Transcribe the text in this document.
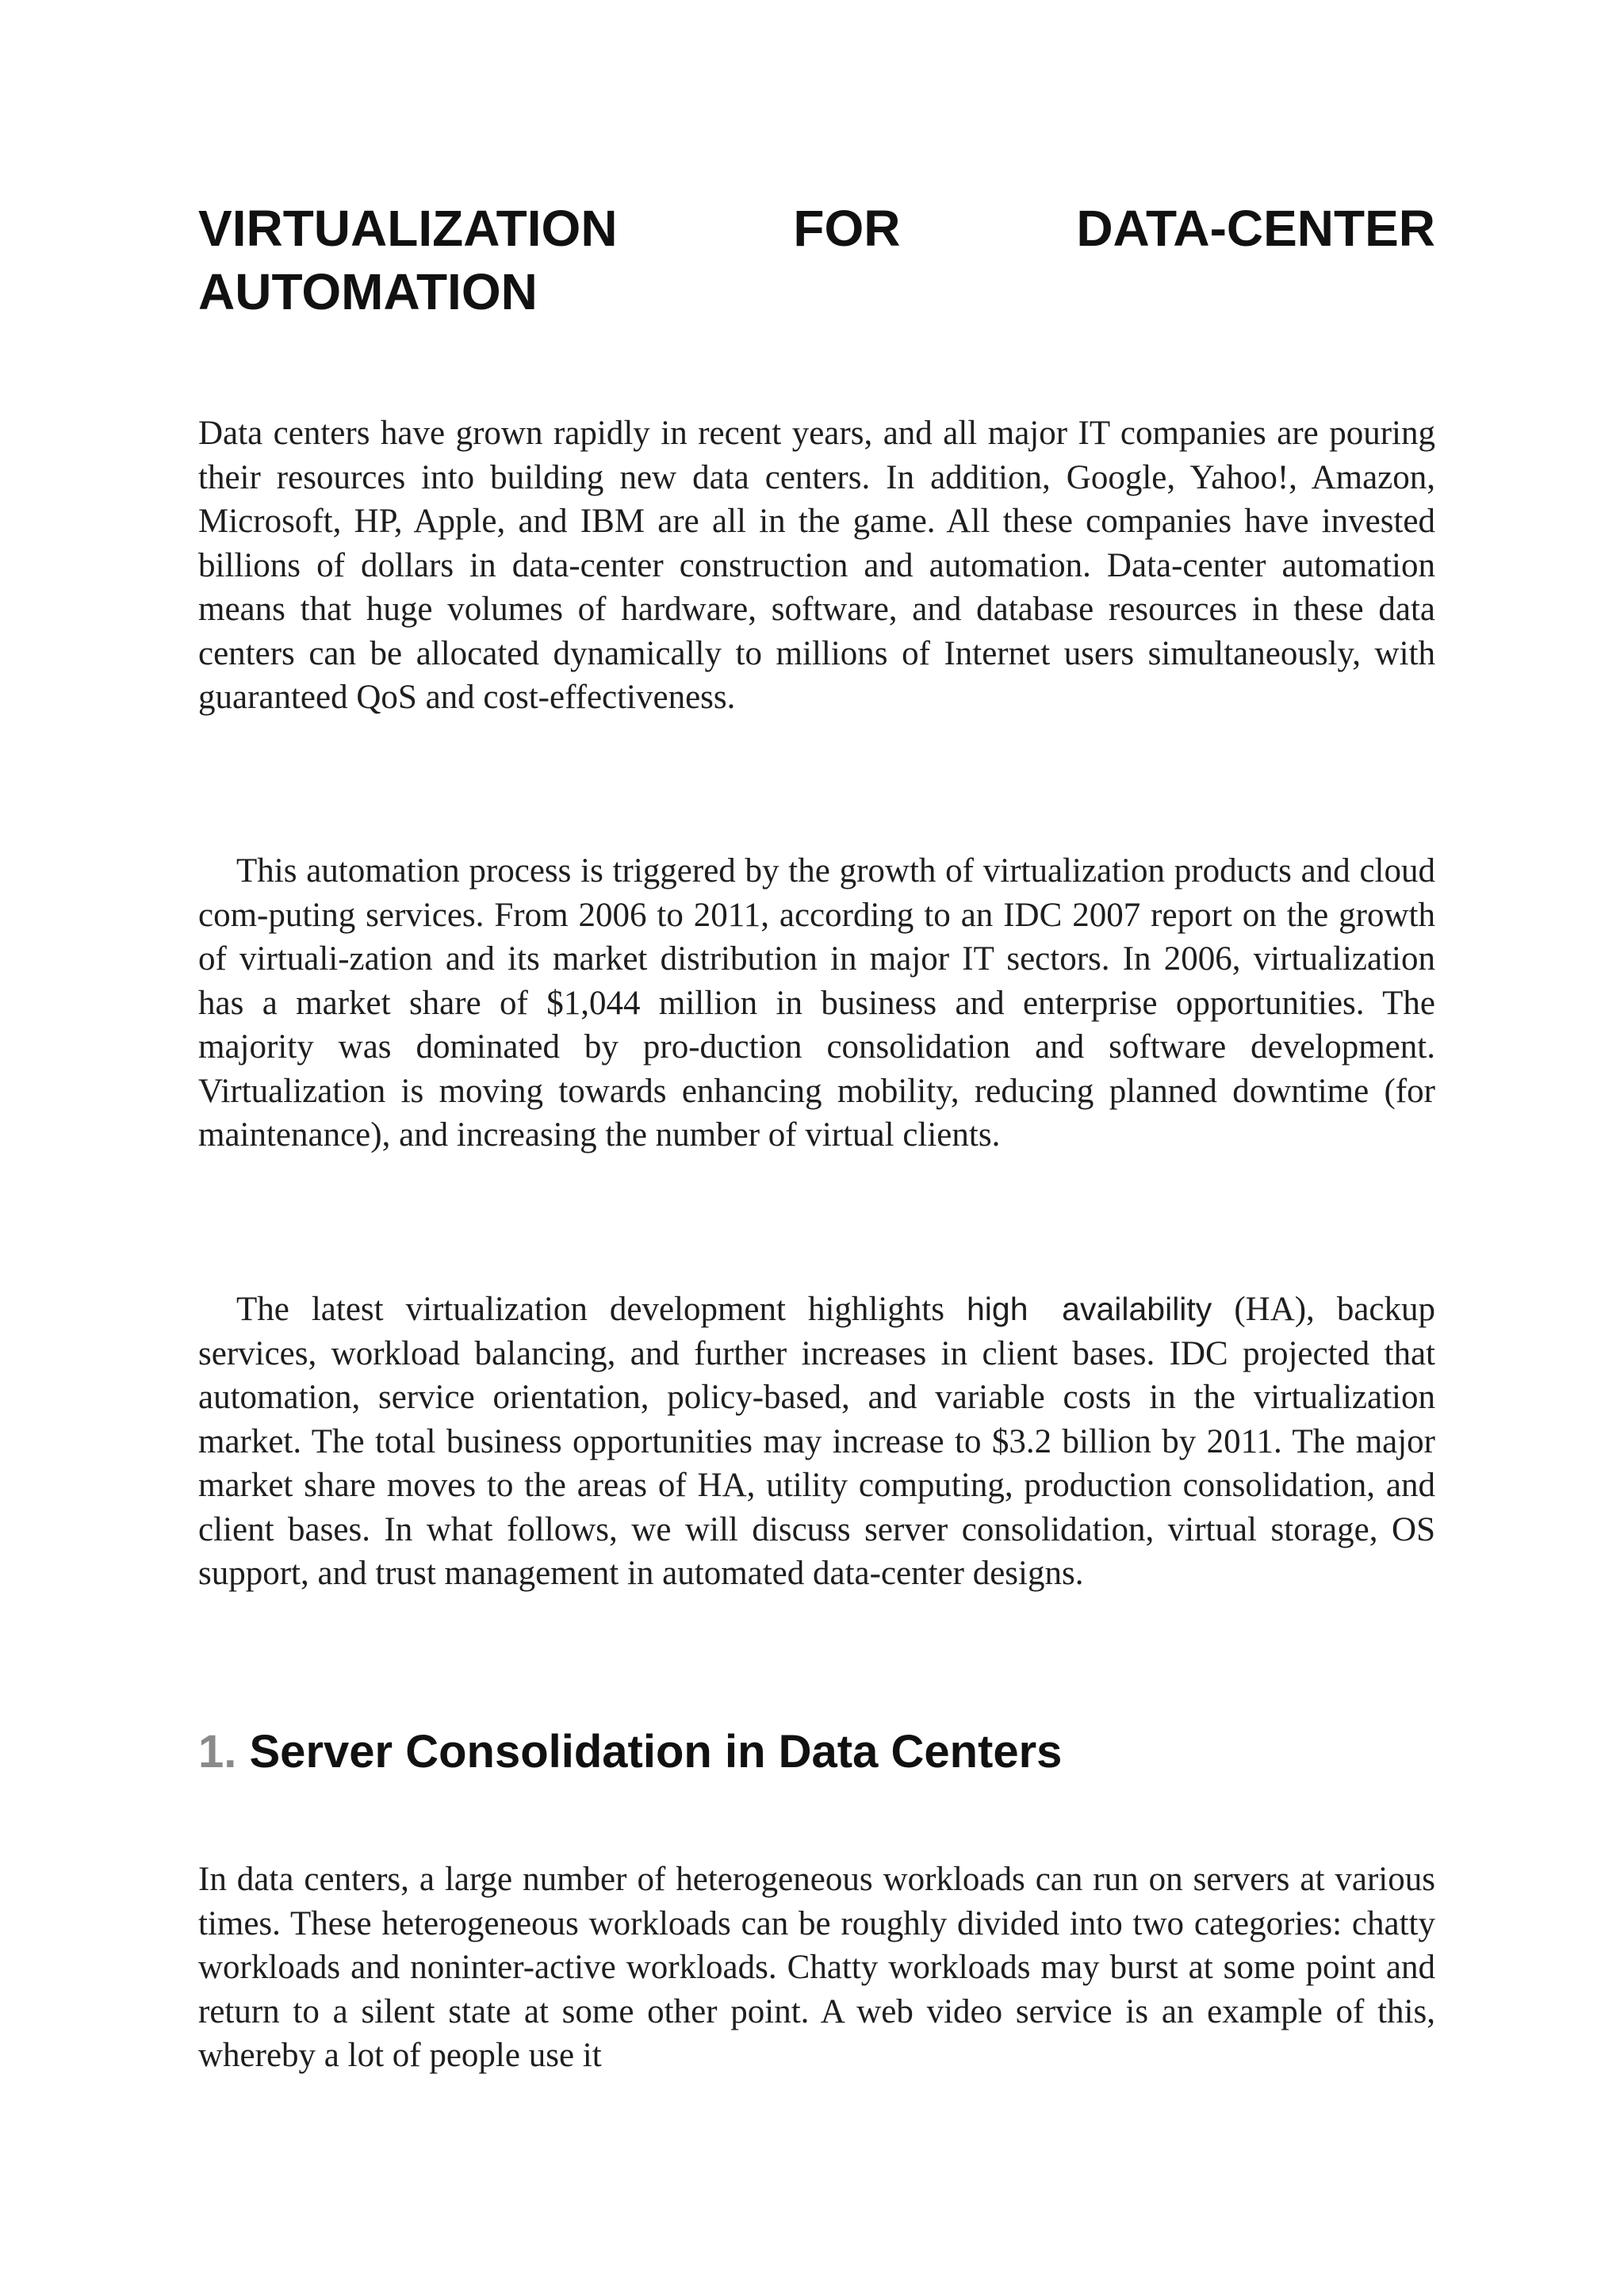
VIRTUALIZATION	FOR	DATA-CENTER
AUTOMATION

Data centers have grown rapidly in recent years, and all major IT companies are pouring their resources into building new data centers. In addition, Google, Yahoo!, Amazon, Microsoft, HP, Apple, and IBM are all in the game. All these companies have invested billions of dollars in data-center construction and automation. Data-center automation means that huge volumes of hardware, software, and database resources in these data centers can be allocated dynamically to millions of Internet users simultaneously, with guaranteed QoS and cost-effectiveness.

This automation process is triggered by the growth of virtualization products and cloud com-puting services. From 2006 to 2011, according to an IDC 2007 report on the growth of virtuali-zation and its market distribution in major IT sectors. In 2006, virtualization has a market share of $1,044 million in business and enterprise opportunities. The majority was dominated by pro-duction consolidation and software development. Virtualization is moving towards enhancing mobility, reducing planned downtime (for maintenance), and increasing the number of virtual clients.

The latest virtualization development highlights high availability (HA), backup services, workload balancing, and further increases in client bases. IDC projected that automation, service orientation, policy-based, and variable costs in the virtualization market. The total business opportunities may increase to $3.2 billion by 2011. The major market share moves to the areas of HA, utility computing, production consolidation, and client bases. In what follows, we will discuss server consolidation, virtual storage, OS support, and trust management in automated data-center designs.

1. Server Consolidation in Data Centers

In data centers, a large number of heterogeneous workloads can run on servers at various times. These heterogeneous workloads can be roughly divided into two categories: chatty workloads and noninter-active workloads. Chatty workloads may burst at some point and return to a silent state at some other point. A web video service is an example of this, whereby a lot of people use it
